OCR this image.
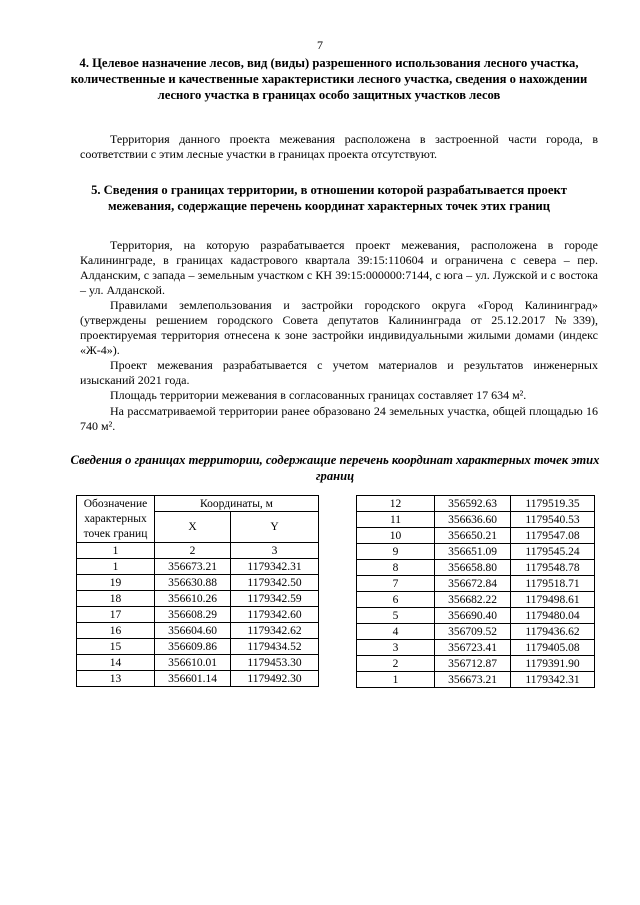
7
4. Целевое назначение лесов, вид (виды) разрешенного использования лесного участка, количественные и качественные характеристики лесного участка, сведения о нахождении лесного участка в границах особо защитных участков лесов

Территория данного проекта межевания расположена в застроенной части города, в соответствии с этим лесные участки в границах проекта отсутствуют.

5. Сведения о границах территории, в отношении которой разрабатывается проект межевания, содержащие перечень координат характерных точек этих границ

Территория, на которую разрабатывается проект межевания, расположена в городе Калининграде, в границах кадастрового квартала 39:15:110604 и ограничена с севера – пер. Алданским, с запада – земельным участком с КН 39:15:000000:7144, с юга – ул. Лужской и с востока – ул. Алданской.

Правилами землепользования и застройки городского округа «Город Калининград» (утверждены решением городского Совета депутатов Калининграда от 25.12.2017 №339), проектируемая территория отнесена к зоне застройки индивидуальными жилыми домами (индекс «Ж-4»).

Проект межевания разрабатывается с учетом материалов и результатов инженерных изысканий 2021 года.

Площадь территории межевания в согласованных границах составляет 17 634 м².

На рассматриваемой территории ранее образовано 24 земельных участка, общей площадью 16 740 м².

Сведения о границах территории, содержащие перечень координат характерных точек этих границ
Обозначение характерных точек границ	Координаты, м	
	X	Y
1	2	3
1	356673.21	1179342.31
19	356630.88	1179342.50
18	356610.26	1179342.59
17	356608.29	1179342.60
16	356604.60	1179342.62
15	356609.86	1179434.52
14	356610.01	1179453.30
13	356601.14	1179492.30
12	356592.63	1179519.35
11	356636.60	1179540.53
10	356650.21	1179547.08
9	356651.09	1179545.24
8	356658.80	1179548.78
7	356672.84	1179518.71
6	356682.22	1179498.61
5	356690.40	1179480.04
4	356709.52	1179436.62
3	356723.41	1179405.08
2	356712.87	1179391.90
1	356673.21	1179342.31
